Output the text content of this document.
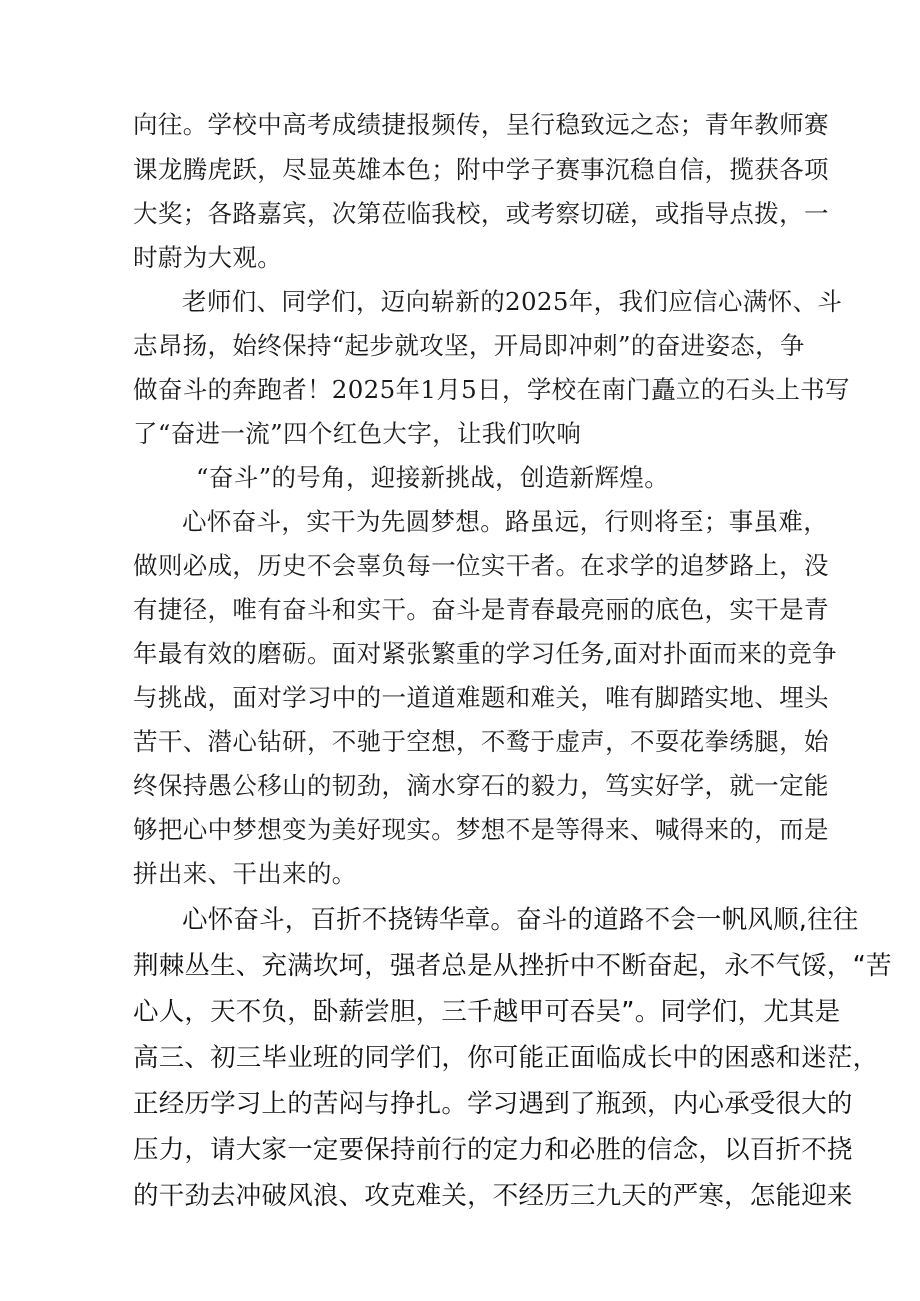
向往。学校中高考成绩捷报频传，呈行稳致远之态；青年教师赛
课龙腾虎跃，尽显英雄本色；附中学子赛事沉稳自信，揽获各项
大奖；各路嘉宾，次第莅临我校，或考察切磋，或指导点拨，一
时蔚为大观。
老师们、同学们，迈向崭新的2025年，我们应信心满怀、斗
志昂扬，始终保持“起步就攻坚，开局即冲刺”的奋进姿态，争
做奋斗的奔跑者！2025年1月5日，学校在南门矗立的石头上书写
了“奋进一流”四个红色大字，让我们吹响
“奋斗”的号角，迎接新挑战，创造新辉煌。
心怀奋斗，实干为先圆梦想。路虽远，行则将至；事虽难，
做则必成，历史不会辜负每一位实干者。在求学的追梦路上，没
有捷径，唯有奋斗和实干。奋斗是青春最亮丽的底色，实干是青
年最有效的磨砺。面对紧张繁重的学习任务,面对扑面而来的竞争
与挑战，面对学习中的一道道难题和难关，唯有脚踏实地、埋头
苦干、潜心钻研，不驰于空想，不鹜于虚声，不耍花拳绣腿，始
终保持愚公移山的韧劲，滴水穿石的毅力，笃实好学，就一定能
够把心中梦想变为美好现实。梦想不是等得来、喊得来的，而是
拼出来、干出来的。
心怀奋斗，百折不挠铸华章。奋斗的道路不会一帆风顺,往往
荆棘丛生、充满坎坷，强者总是从挫折中不断奋起，永不气馁，“苦
心人，天不负，卧薪尝胆，三千越甲可吞吴”。同学们，尤其是
高三、初三毕业班的同学们，你可能正面临成长中的困惑和迷茫，
正经历学习上的苦闷与挣扎。学习遇到了瓶颈，内心承受很大的
压力，请大家一定要保持前行的定力和必胜的信念，以百折不挠
的干劲去冲破风浪、攻克难关，不经历三九天的严寒，怎能迎来
